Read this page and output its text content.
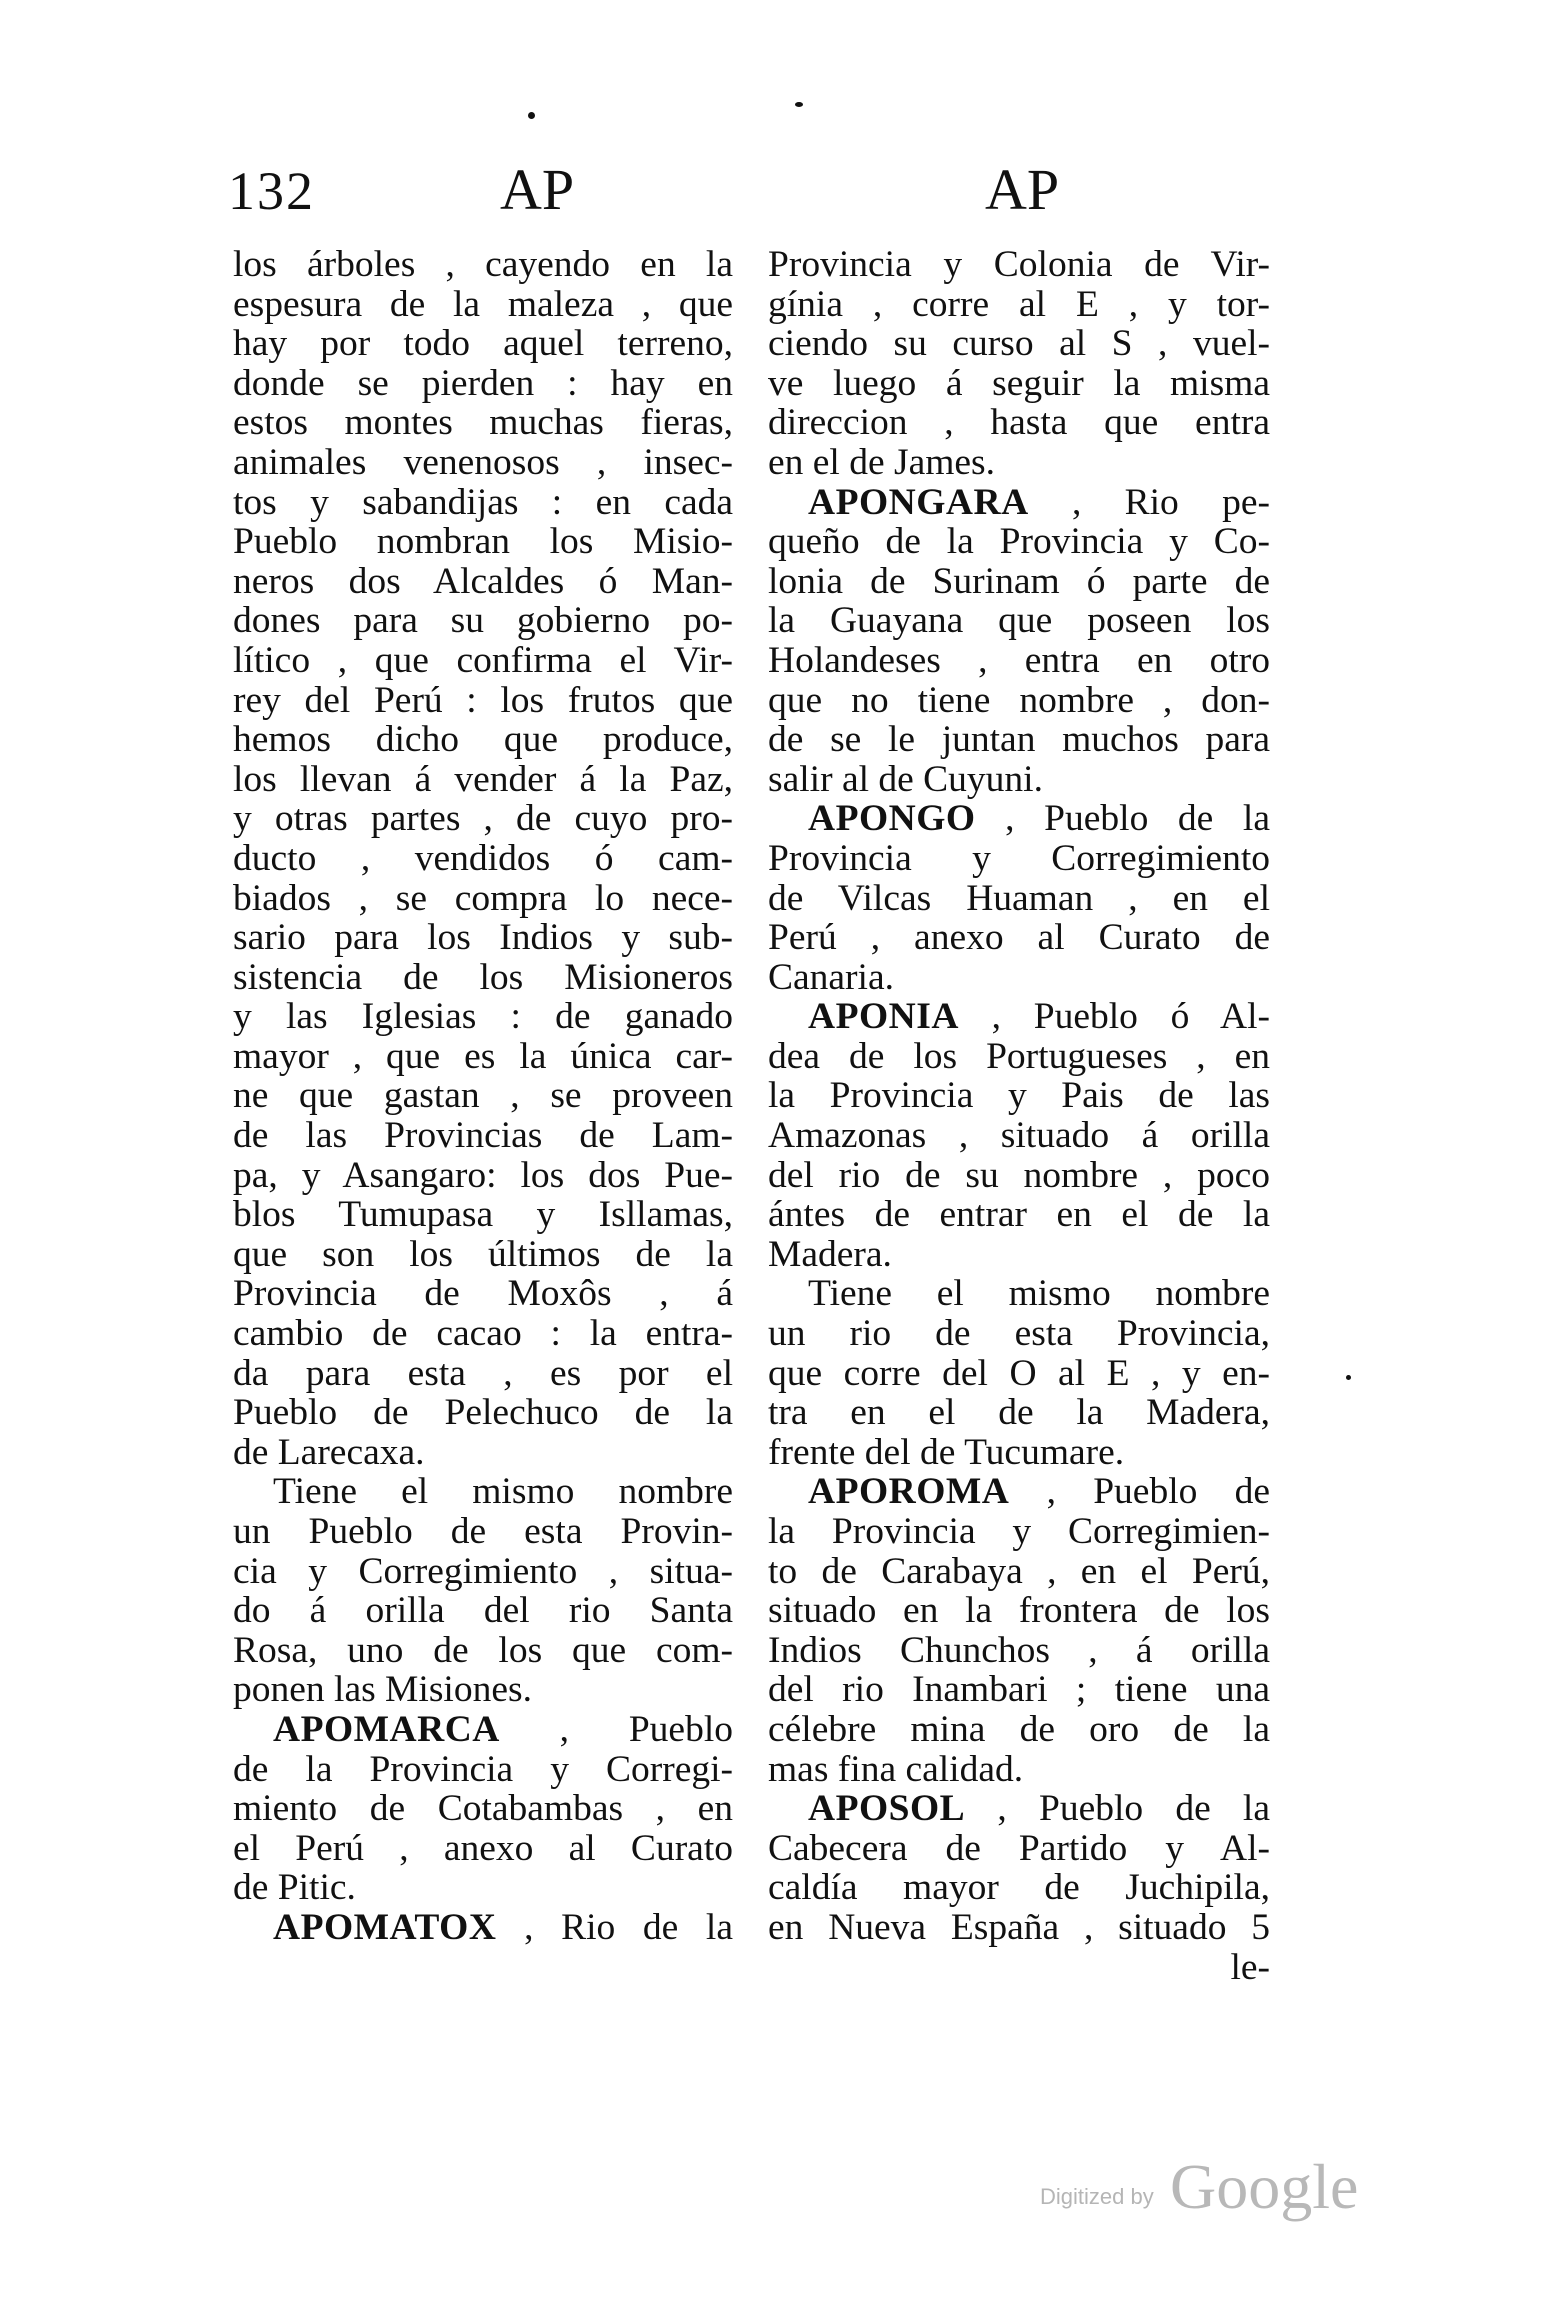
132	AP	AP
los árboles , cayendo en la
espesura de la maleza , que
hay por todo aquel terreno,
donde se pierden : hay en
estos montes muchas fieras,
animales venenosos , insec-
tos y sabandijas : en cada
Pueblo nombran los Misio-
neros dos Alcaldes ó Man-
dones para su gobierno po-
lítico , que confirma el Vir-
rey del Perú : los frutos que
hemos dicho que produce,
los llevan á vender á la Paz,
y otras partes , de cuyo pro-
ducto , vendidos ó cam-
biados , se compra lo nece-
sario para los Indios y sub-
sistencia de los Misioneros
y las Iglesias : de ganado
mayor , que es la única car-
ne que gastan , se proveen
de las Provincias de Lam-
pa, y Asangaro: los dos Pue-
blos Tumupasa y Isllamas,
que son los últimos de la
Provincia de Moxôs , á
cambio de cacao : la entra-
da para esta , es por el
Pueblo de Pelechuco de la
de Larecaxa.
Tiene el mismo nombre
un Pueblo de esta Provin-
cia y Corregimiento , situa-
do á orilla del rio Santa
Rosa, uno de los que com-
ponen las Misiones.
APOMARCA , Pueblo
de la Provincia y Corregi-
miento de Cotabambas , en
el Perú , anexo al Curato
de Pitic.
APOMATOX , Rio de la
Provincia y Colonia de Vir-
gínia , corre al E , y tor-
ciendo su curso al S , vuel-
ve luego á seguir la misma
direccion , hasta que entra
en el de James.
APONGARA , Rio pe-
queño de la Provincia y Co-
lonia de Surinam ó parte de
la Guayana que poseen los
Holandeses , entra en otro
que no tiene nombre , don-
de se le juntan muchos para
salir al de Cuyuni.
APONGO , Pueblo de la
Provincia y Corregimiento
de Vilcas Huaman , en el
Perú , anexo al Curato de
Canaria.
APONIA , Pueblo ó Al-
dea de los Portugueses , en
la Provincia y Pais de las
Amazonas , situado á orilla
del rio de su nombre , poco
ántes de entrar en el de la
Madera.
Tiene el mismo nombre
un rio de esta Provincia,
que corre del O al E , y en-
tra en el de la Madera,
frente del de Tucumare.
APOROMA , Pueblo de
la Provincia y Corregimien-
to de Carabaya , en el Perú,
situado en la frontera de los
Indios Chunchos , á orilla
del rio Inambari ; tiene una
célebre mina de oro de la
mas fina calidad.
APOSOL , Pueblo de la
Cabecera de Partido y Al-
caldía mayor de Juchipila,
en Nueva España , situado 5
le-
Digitized by Google
